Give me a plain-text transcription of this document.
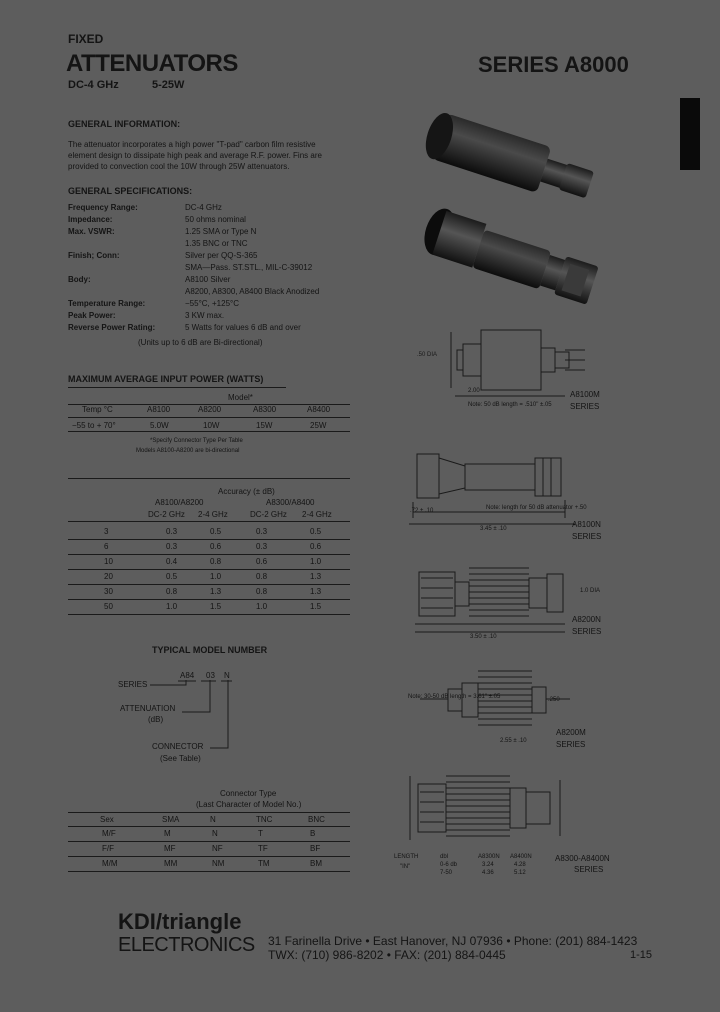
FIXED
ATTENUATORS
DC-4 GHz	5-25W
SERIES A8000
GENERAL INFORMATION:
The attenuator incorporates a high power "T-pad" carbon film resistive
element design to dissipate high peak and average R.F. power. Fins are
provided to convection cool the 10W through 25W attenuators.
GENERAL SPECIFICATIONS:
Frequency Range:	DC-4 GHz
Impedance:	50 ohms nominal
Max. VSWR:	1.25 SMA or Type N
1.35 BNC or TNC
Finish; Conn:	Silver per QQ-S-365
SMA—Pass. ST.STL., MIL-C-39012
Body:	A8100 Silver
A8200, A8300, A8400 Black Anodized
Temperature Range:	−55°C, +125°C
Peak Power:	3 KW max.
Reverse Power Rating:	5 Watts for values 6 dB and over
(Units up to 6 dB are Bi-directional)
MAXIMUM AVERAGE INPUT POWER (WATTS)
Model*
Temp °C	A8100	A8200	A8300	A8400
−55 to + 70°	5.0W	10W	15W	25W
*Specify Connector Type Per Table
Models A8100-A8200 are bi-directional
Accuracy (± dB)
A8100/A8200	A8300/A8400
DC-2 GHz 2-4 GHz	DC-2 GHz 2-4 GHz
3	0.3	0.5	0.3	0.5
6	0.3	0.6	0.3	0.6
10	0.4	0.8	0.6	1.0
20	0.5	1.0	0.8	1.3
30	0.8	1.3	0.8	1.3
50	1.0	1.5	1.0	1.5
TYPICAL MODEL NUMBER
A84 03 N
SERIES
ATTENUATION
(dB)
CONNECTOR
(See Table)
Connector Type
(Last Character of Model No.)
Sex	SMA	N	TNC	BNC
M/F	M	N	T	B
F/F	MF	NF	TF	BF
M/M	MM	NM	TM	BM
.50 DIA
2.00
Note: 50 dB length = .510" ±.05
A8100M
SERIES
Note: length for 50 dB attenuator +.50
3.45 ± .10
.72 ± .10
A8100N
SERIES
3.50 ± .10
1.0 DIA
A8200N
SERIES
Note: 30-50 dB length = 3.61" ±.05
2.55 ± .10
.250
A8200M
SERIES
LENGTH
"IN"
dbl
0-6 db
7-50
A8300N
3.24
4.36
A8400N
4.28
5.12
A8300-A8400N
SERIES
KDI/triangle
ELECTRONICS 31 Farinella Drive • East Hanover, NJ 07936 • Phone: (201) 884-1423
TWX: (710) 986-8202 • FAX: (201) 884-0445	1-15
